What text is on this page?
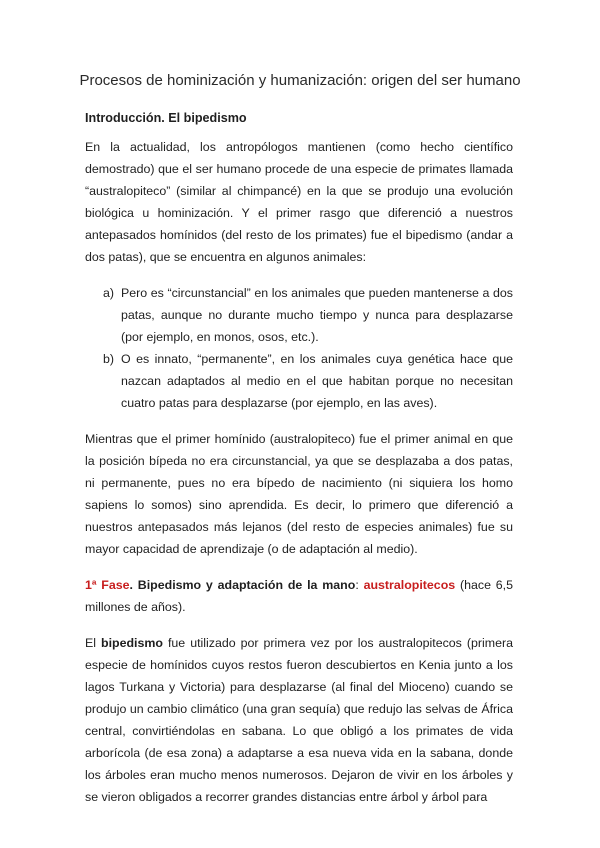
Procesos de hominización y humanización: origen del ser humano
Introducción. El bipedismo

En la actualidad, los antropólogos mantienen (como hecho científico demostrado) que el ser humano procede de una especie de primates llamada “australopiteco” (similar al chimpancé) en la que se produjo una evolución biológica u hominización. Y el primer rasgo que diferenció a nuestros antepasados homínidos (del resto de los primates) fue el bipedismo (andar a dos patas), que se encuentra en algunos animales:

a) Pero es “circunstancial” en los animales que pueden mantenerse a dos patas, aunque no durante mucho tiempo y nunca para desplazarse (por ejemplo, en monos, osos, etc.).
b) O es innato, “permanente”, en los animales cuya genética hace que nazcan adaptados al medio en el que habitan porque no necesitan cuatro patas para desplazarse (por ejemplo, en las aves).

Mientras que el primer homínido (australopiteco) fue el primer animal en que la posición bípeda no era circunstancial, ya que se desplazaba a dos patas, ni permanente, pues no era bípedo de nacimiento (ni siquiera los homo sapiens lo somos) sino aprendida. Es decir, lo primero que diferenció a nuestros antepasados más lejanos (del resto de especies animales) fue su mayor capacidad de aprendizaje (o de adaptación al medio).

1ª Fase. Bipedismo y adaptación de la mano: australopitecos (hace 6,5 millones de años).

El bipedismo fue utilizado por primera vez por los australopitecos (primera especie de homínidos cuyos restos fueron descubiertos en Kenia junto a los lagos Turkana y Victoria) para desplazarse (al final del Mioceno) cuando se produjo un cambio climático (una gran sequía) que redujo las selvas de África central, convirtiéndolas en sabana. Lo que obligó a los primates de vida arborícola (de esa zona) a adaptarse a esa nueva vida en la sabana, donde los árboles eran mucho menos numerosos. Dejaron de vivir en los árboles y se vieron obligados a recorrer grandes distancias entre árbol y árbol para
